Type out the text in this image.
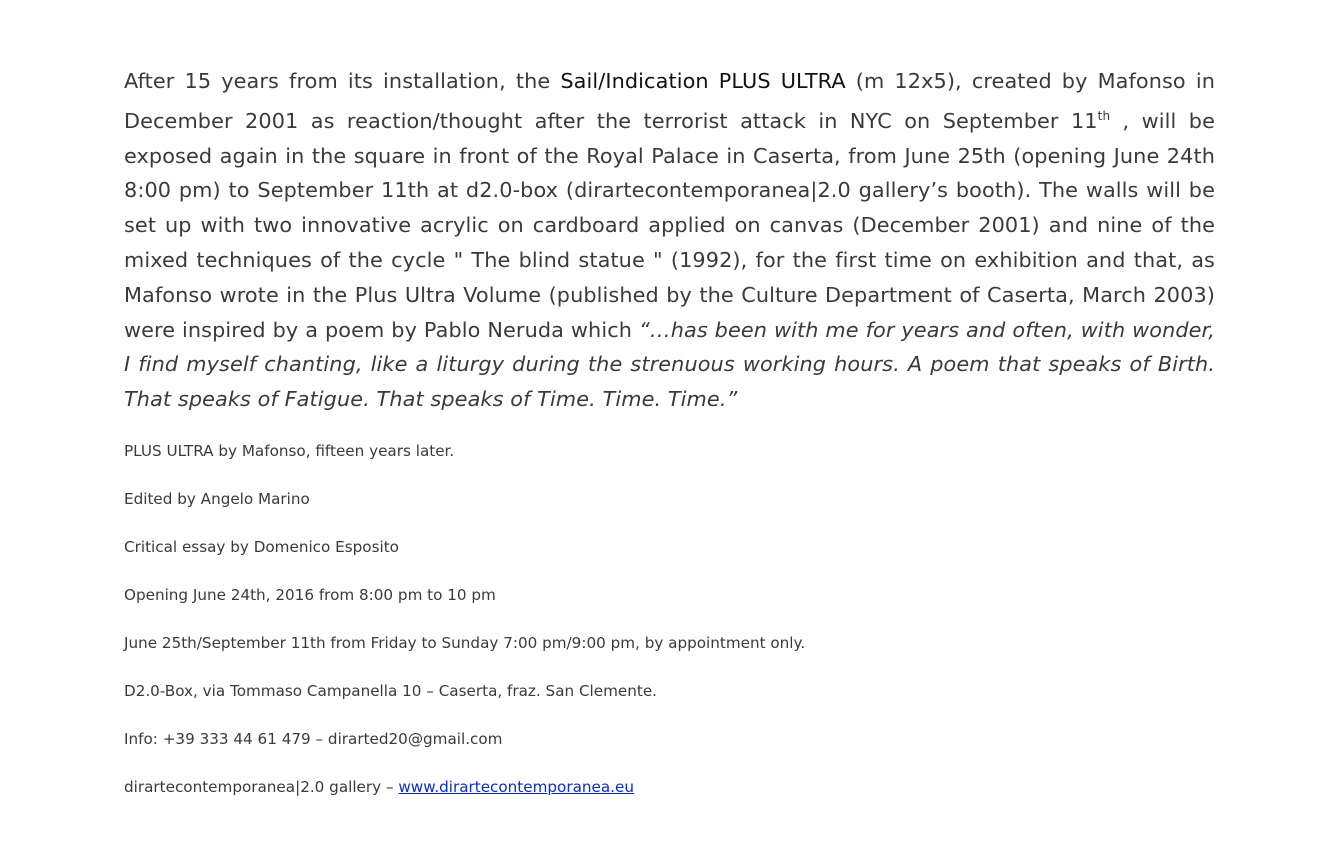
After 15 years from its installation, the Sail/Indication PLUS ULTRA (m 12x5), created by Mafonso in December 2001 as reaction/thought after the terrorist attack in NYC on September 11th , will be exposed again in the square in front of the Royal Palace in Caserta, from June 25th (opening June 24th 8:00 pm) to September 11th at d2.0-box (dirartecontemporanea|2.0 gallery’s booth). The walls will be set up with two innovative acrylic on cardboard applied on canvas (December 2001) and nine of the mixed techniques of the cycle " The blind statue " (1992), for the first time on exhibition and that, as Mafonso wrote in the Plus Ultra Volume (published by the Culture Department of Caserta, March 2003) were inspired by a poem by Pablo Neruda which “…has been with me for years and often, with wonder, I find myself chanting, like a liturgy during the strenuous working hours. A poem that speaks of Birth. That speaks of Fatigue. That speaks of Time. Time. Time.”

PLUS ULTRA by Mafonso, fifteen years later.

Edited by Angelo Marino

Critical essay by Domenico Esposito

Opening June 24th, 2016 from 8:00 pm to 10 pm

June 25th/September 11th from Friday to Sunday 7:00 pm/9:00 pm, by appointment only.

D2.0-Box, via Tommaso Campanella 10 – Caserta, fraz. San Clemente.

Info: +39 333 44 61 479 – dirarted20@gmail.com

dirartecontemporanea|2.0 gallery – www.dirartecontemporanea.eu
